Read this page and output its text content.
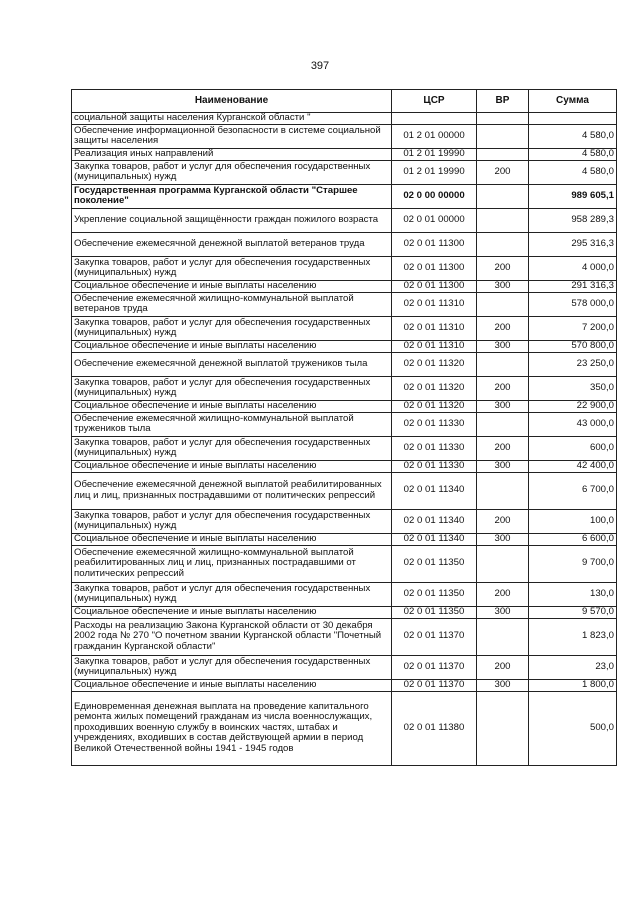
397
Наименование	ЦСР	ВР	Сумма
социальной защиты населения Курганской области "			
Обеспечение информационной безопасности в системе социальной защиты населения	01 2 01 00000		4 580,0
Реализация иных направлений	01 2 01 19990		4 580,0
Закупка товаров, работ и услуг для обеспечения государственных (муниципальных) нужд	01 2 01 19990	200	4 580,0
Государственная программа Курганской области "Старшее поколение"	02 0 00 00000		989 605,1
Укрепление социальной защищённости граждан пожилого возраста	02 0 01 00000		958 289,3
Обеспечение ежемесячной денежной выплатой ветеранов труда	02 0 01 11300		295 316,3
Закупка товаров, работ и услуг для обеспечения государственных (муниципальных) нужд	02 0 01 11300	200	4 000,0
Социальное обеспечение и иные выплаты населению	02 0 01 11300	300	291 316,3
Обеспечение ежемесячной жилищно-коммунальной выплатой ветеранов труда	02 0 01 11310		578 000,0
Закупка товаров, работ и услуг для обеспечения государственных (муниципальных) нужд	02 0 01 11310	200	7 200,0
Социальное обеспечение и иные выплаты населению	02 0 01 11310	300	570 800,0
Обеспечение ежемесячной денежной выплатой тружеников тыла	02 0 01 11320		23 250,0
Закупка товаров, работ и услуг для обеспечения государственных (муниципальных) нужд	02 0 01 11320	200	350,0
Социальное обеспечение и иные выплаты населению	02 0 01 11320	300	22 900,0
Обеспечение ежемесячной жилищно-коммунальной выплатой тружеников тыла	02 0 01 11330		43 000,0
Закупка товаров, работ и услуг для обеспечения государственных (муниципальных) нужд	02 0 01 11330	200	600,0
Социальное обеспечение и иные выплаты населению	02 0 01 11330	300	42 400,0
Обеспечение ежемесячной денежной выплатой реабилитированных лиц и лиц, признанных пострадавшими от политических репрессий	02 0 01 11340		6 700,0
Закупка товаров, работ и услуг для обеспечения государственных (муниципальных) нужд	02 0 01 11340	200	100,0
Социальное обеспечение и иные выплаты населению	02 0 01 11340	300	6 600,0
Обеспечение ежемесячной жилищно-коммунальной выплатой реабилитированных лиц и лиц, признанных пострадавшими от политических репрессий	02 0 01 11350		9 700,0
Закупка товаров, работ и услуг для обеспечения государственных (муниципальных) нужд	02 0 01 11350	200	130,0
Социальное обеспечение и иные выплаты населению	02 0 01 11350	300	9 570,0
Расходы на реализацию Закона Курганской области от 30 декабря 2002 года № 270 "О почетном звании Курганской области "Почетный гражданин Курганской области"	02 0 01 11370		1 823,0
Закупка товаров, работ и услуг для обеспечения государственных (муниципальных) нужд	02 0 01 11370	200	23,0
Социальное обеспечение и иные выплаты населению	02 0 01 11370	300	1 800,0
Единовременная денежная выплата на проведение капитального ремонта жилых помещений гражданам из числа военнослужащих, проходивших военную службу в воинских частях, штабах и учреждениях, входивших в состав действующей армии в период Великой Отечественной войны 1941 - 1945 годов	02 0 01 11380		500,0
